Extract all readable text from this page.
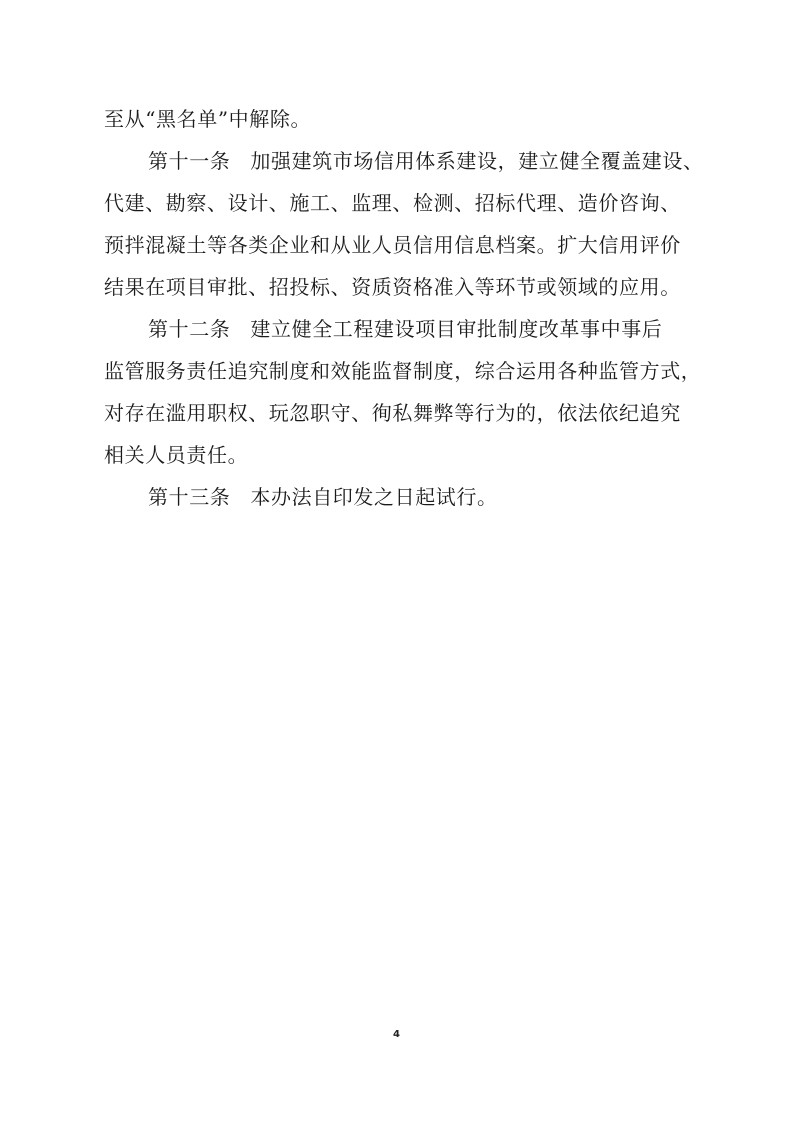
至从“黑名单”中解除。
第十一条 加强建筑市场信用体系建设，建立健全覆盖建设、
代建、勘察、设计、施工、监理、检测、招标代理、造价咨询、
预拌混凝土等各类企业和从业人员信用信息档案。扩大信用评价
结果在项目审批、招投标、资质资格准入等环节或领域的应用。
第十二条 建立健全工程建设项目审批制度改革事中事后
监管服务责任追究制度和效能监督制度，综合运用各种监管方式，
对存在滥用职权、玩忽职守、徇私舞弊等行为的，依法依纪追究
相关人员责任。
第十三条 本办法自印发之日起试行。
4
